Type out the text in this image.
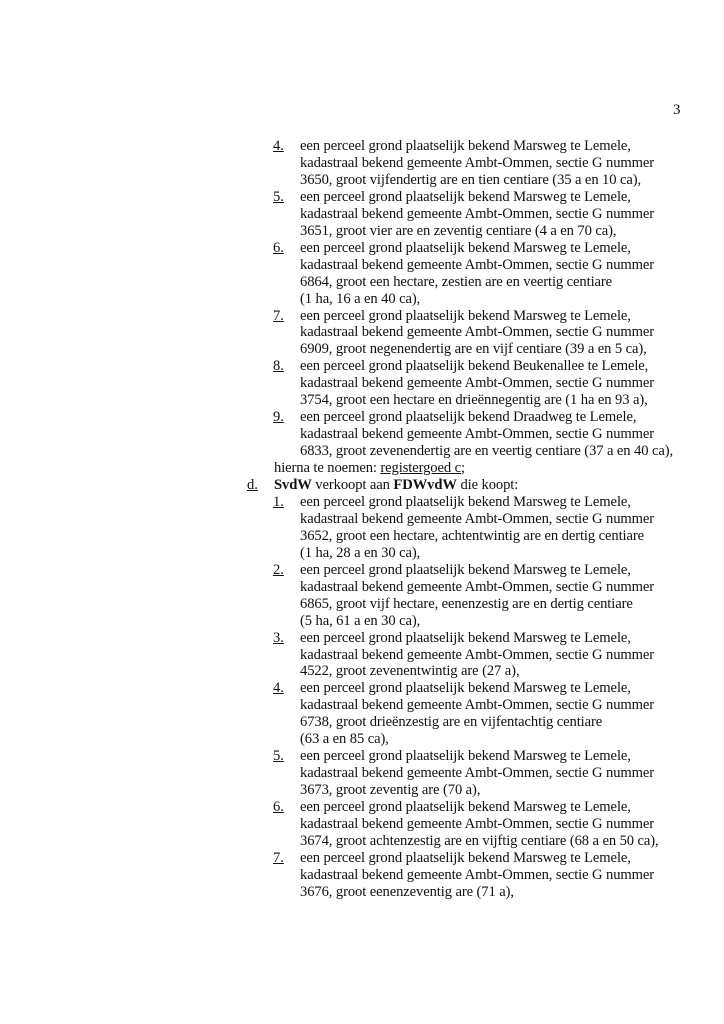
3
4. een perceel grond plaatselijk bekend Marsweg te Lemele,
kadastraal bekend gemeente Ambt-Ommen, sectie G nummer
3650, groot vijfendertig are en tien centiare (35 a en 10 ca),
5. een perceel grond plaatselijk bekend Marsweg te Lemele,
kadastraal bekend gemeente Ambt-Ommen, sectie G nummer
3651, groot vier are en zeventig centiare (4 a en 70 ca),
6. een perceel grond plaatselijk bekend Marsweg te Lemele,
kadastraal bekend gemeente Ambt-Ommen, sectie G nummer
6864, groot een hectare, zestien are en veertig centiare
(1 ha, 16 a en 40 ca),
7. een perceel grond plaatselijk bekend Marsweg te Lemele,
kadastraal bekend gemeente Ambt-Ommen, sectie G nummer
6909, groot negenendertig are en vijf centiare (39 a en 5 ca),
8. een perceel grond plaatselijk bekend Beukenallee te Lemele,
kadastraal bekend gemeente Ambt-Ommen, sectie G nummer
3754, groot een hectare en drieënnegentig are (1 ha en 93 a),
9. een perceel grond plaatselijk bekend Draadweg te Lemele,
kadastraal bekend gemeente Ambt-Ommen, sectie G nummer
6833, groot zevenendertig are en veertig centiare (37 a en 40 ca),
hierna te noemen: registergoed c;
d. SvdW verkoopt aan FDWvdW die koopt:
1. een perceel grond plaatselijk bekend Marsweg te Lemele,
kadastraal bekend gemeente Ambt-Ommen, sectie G nummer
3652, groot een hectare, achtentwintig are en dertig centiare
(1 ha, 28 a en 30 ca),
2. een perceel grond plaatselijk bekend Marsweg te Lemele,
kadastraal bekend gemeente Ambt-Ommen, sectie G nummer
6865, groot vijf hectare, eenenzestig are en dertig centiare
(5 ha, 61 a en 30 ca),
3. een perceel grond plaatselijk bekend Marsweg te Lemele,
kadastraal bekend gemeente Ambt-Ommen, sectie G nummer
4522, groot zevenentwintig are (27 a),
4. een perceel grond plaatselijk bekend Marsweg te Lemele,
kadastraal bekend gemeente Ambt-Ommen, sectie G nummer
6738, groot drieënzestig are en vijfentachtig centiare
(63 a en 85 ca),
5. een perceel grond plaatselijk bekend Marsweg te Lemele,
kadastraal bekend gemeente Ambt-Ommen, sectie G nummer
3673, groot zeventig are (70 a),
6. een perceel grond plaatselijk bekend Marsweg te Lemele,
kadastraal bekend gemeente Ambt-Ommen, sectie G nummer
3674, groot achtenzestig are en vijftig centiare (68 a en 50 ca),
7. een perceel grond plaatselijk bekend Marsweg te Lemele,
kadastraal bekend gemeente Ambt-Ommen, sectie G nummer
3676, groot eenenzeventig are (71 a),
